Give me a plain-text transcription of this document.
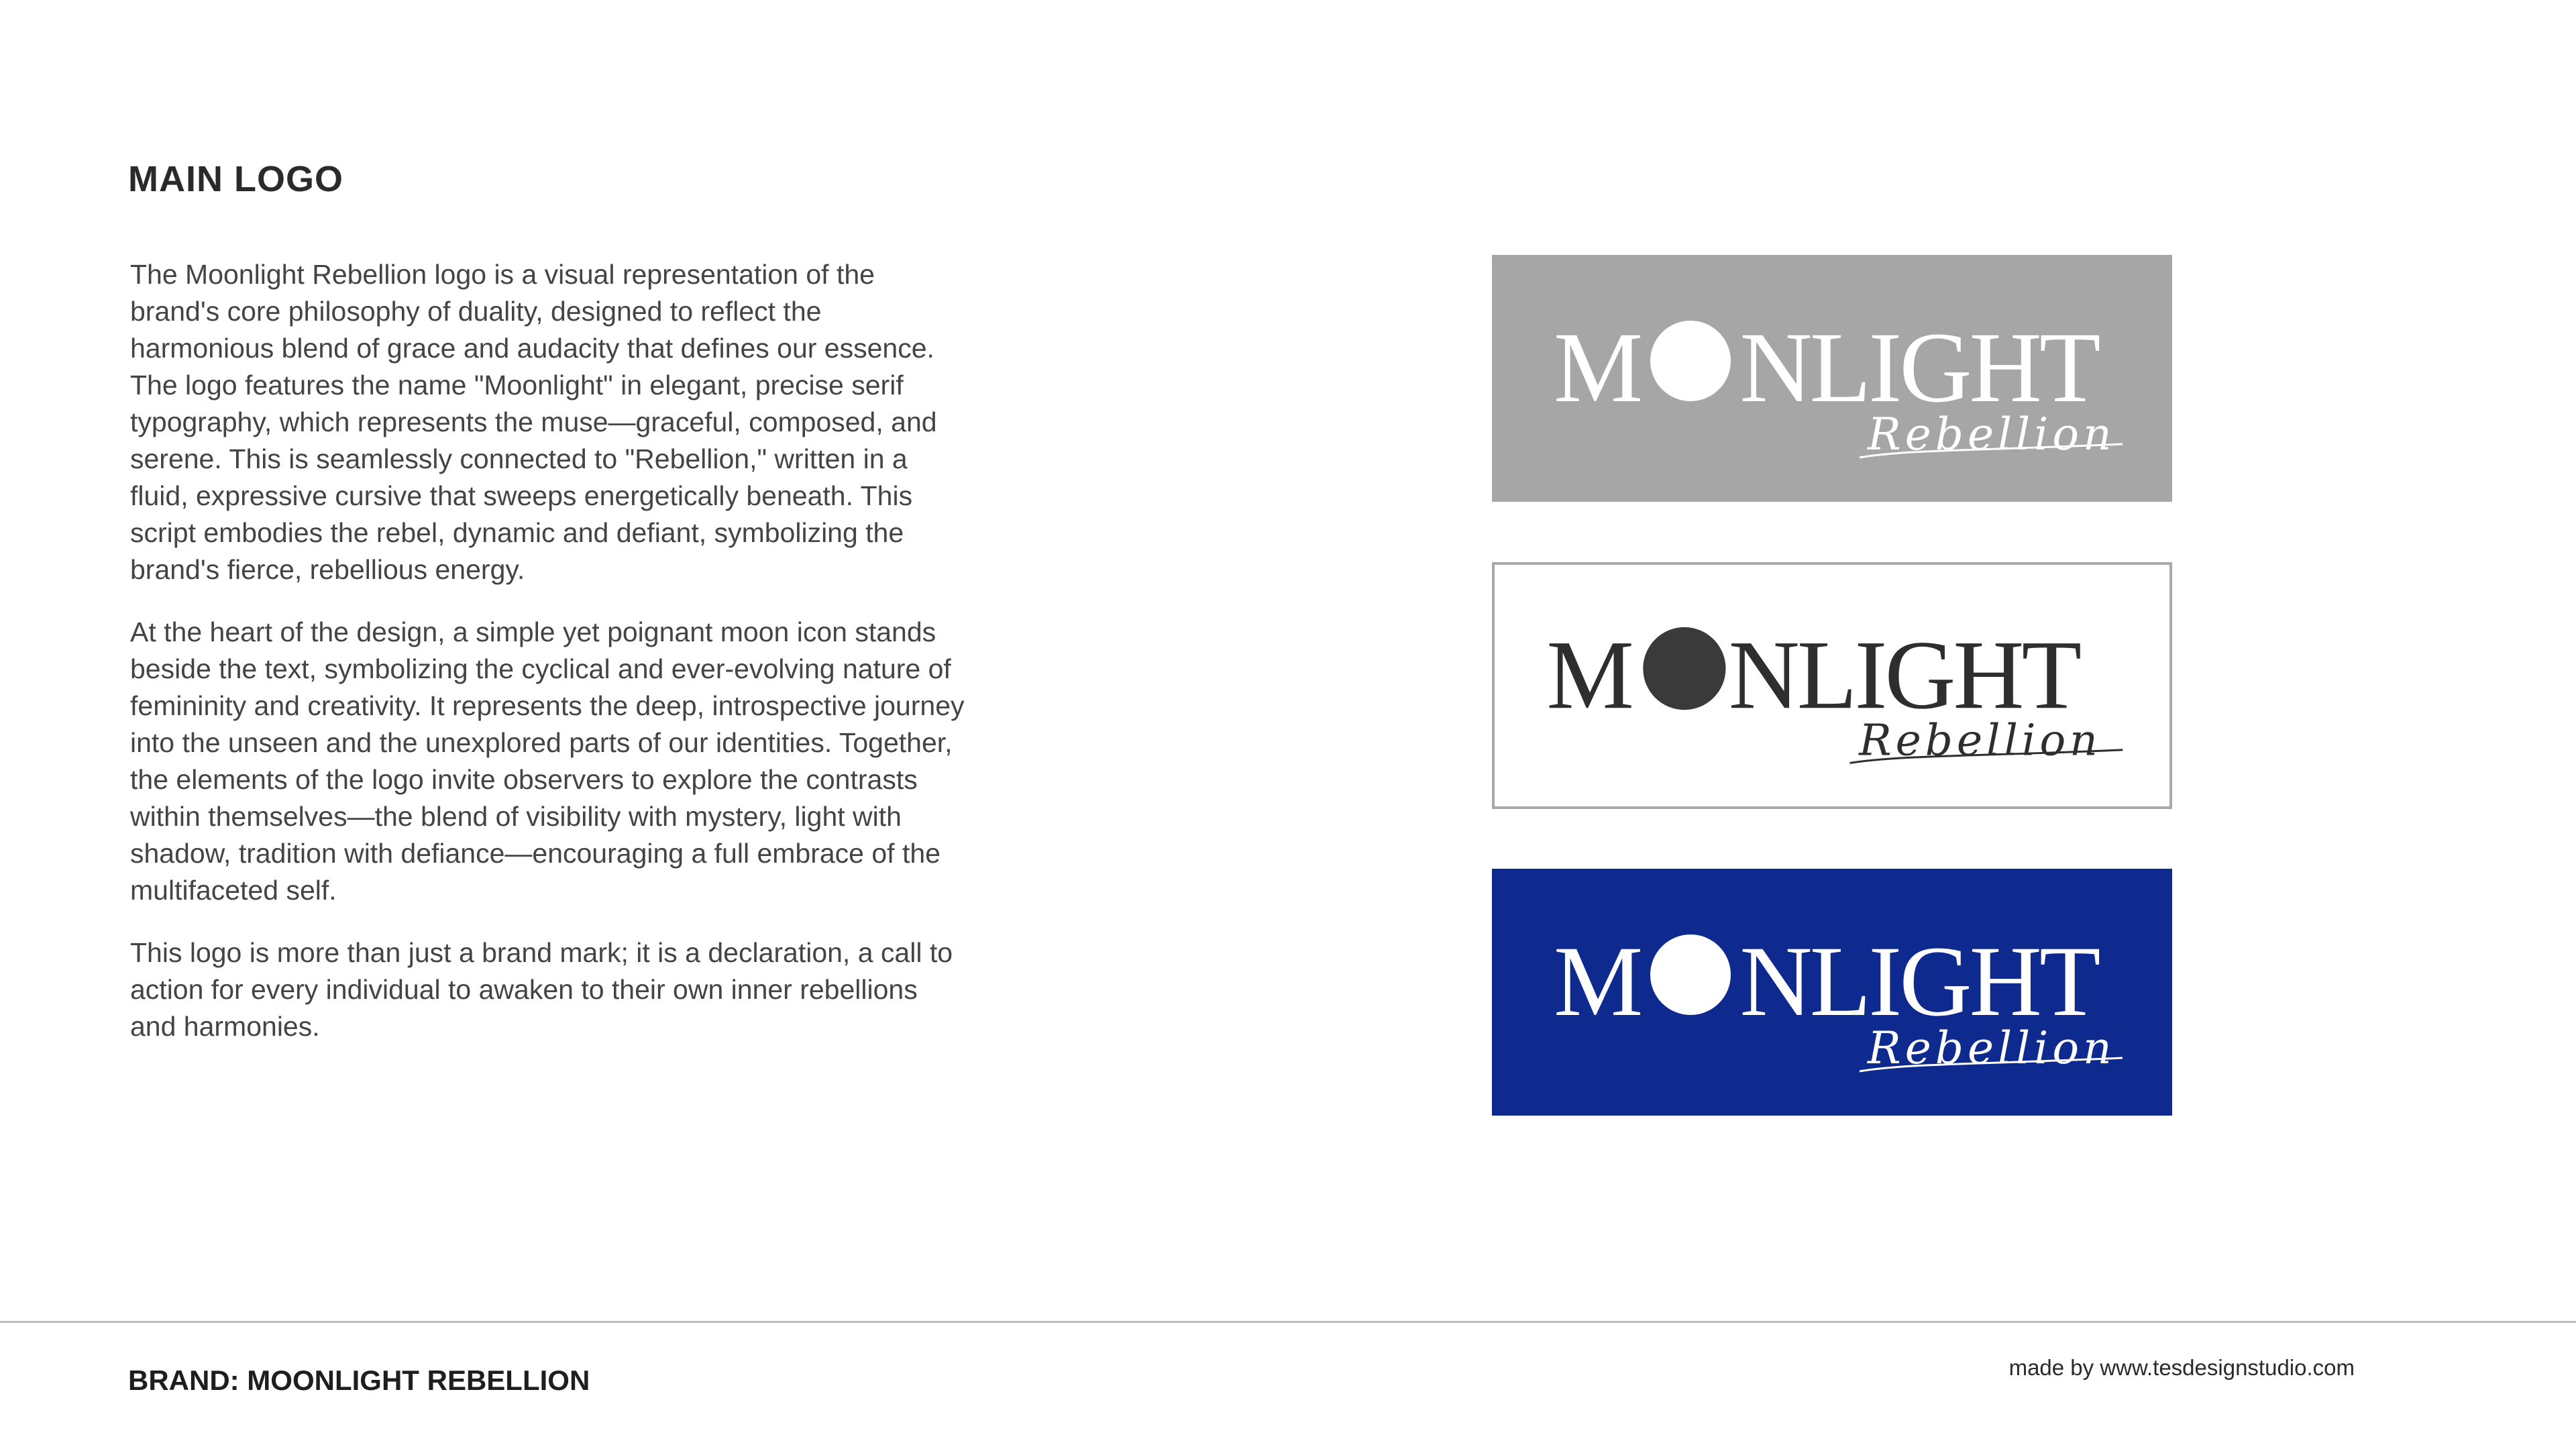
MAIN LOGO

The Moonlight Rebellion logo is a visual representation of the
brand's core philosophy of duality, designed to reflect the
harmonious blend of grace and audacity that defines our essence.
The logo features the name "Moonlight" in elegant, precise serif
typography, which represents the muse—graceful, composed, and
serene. This is seamlessly connected to "Rebellion," written in a
fluid, expressive cursive that sweeps energetically beneath. This
script embodies the rebel, dynamic and defiant, symbolizing the
brand's fierce, rebellious energy.

At the heart of the design, a simple yet poignant moon icon stands
beside the text, symbolizing the cyclical and ever-evolving nature of
femininity and creativity. It represents the deep, introspective journey
into the unseen and the unexplored parts of our identities. Together,
the elements of the logo invite observers to explore the contrasts
within themselves—the blend of visibility with mystery, light with
shadow, tradition with defiance—encouraging a full embrace of the
multifaceted self.

This logo is more than just a brand mark; it is a declaration, a call to
action for every individual to awaken to their own inner rebellions
and harmonies.

M NLIGHT
Rebellion
M NLIGHT
Rebellion
M NLIGHT
Rebellion

BRAND: MOONLIGHT REBELLION	made by www.tesdesignstudio.com
